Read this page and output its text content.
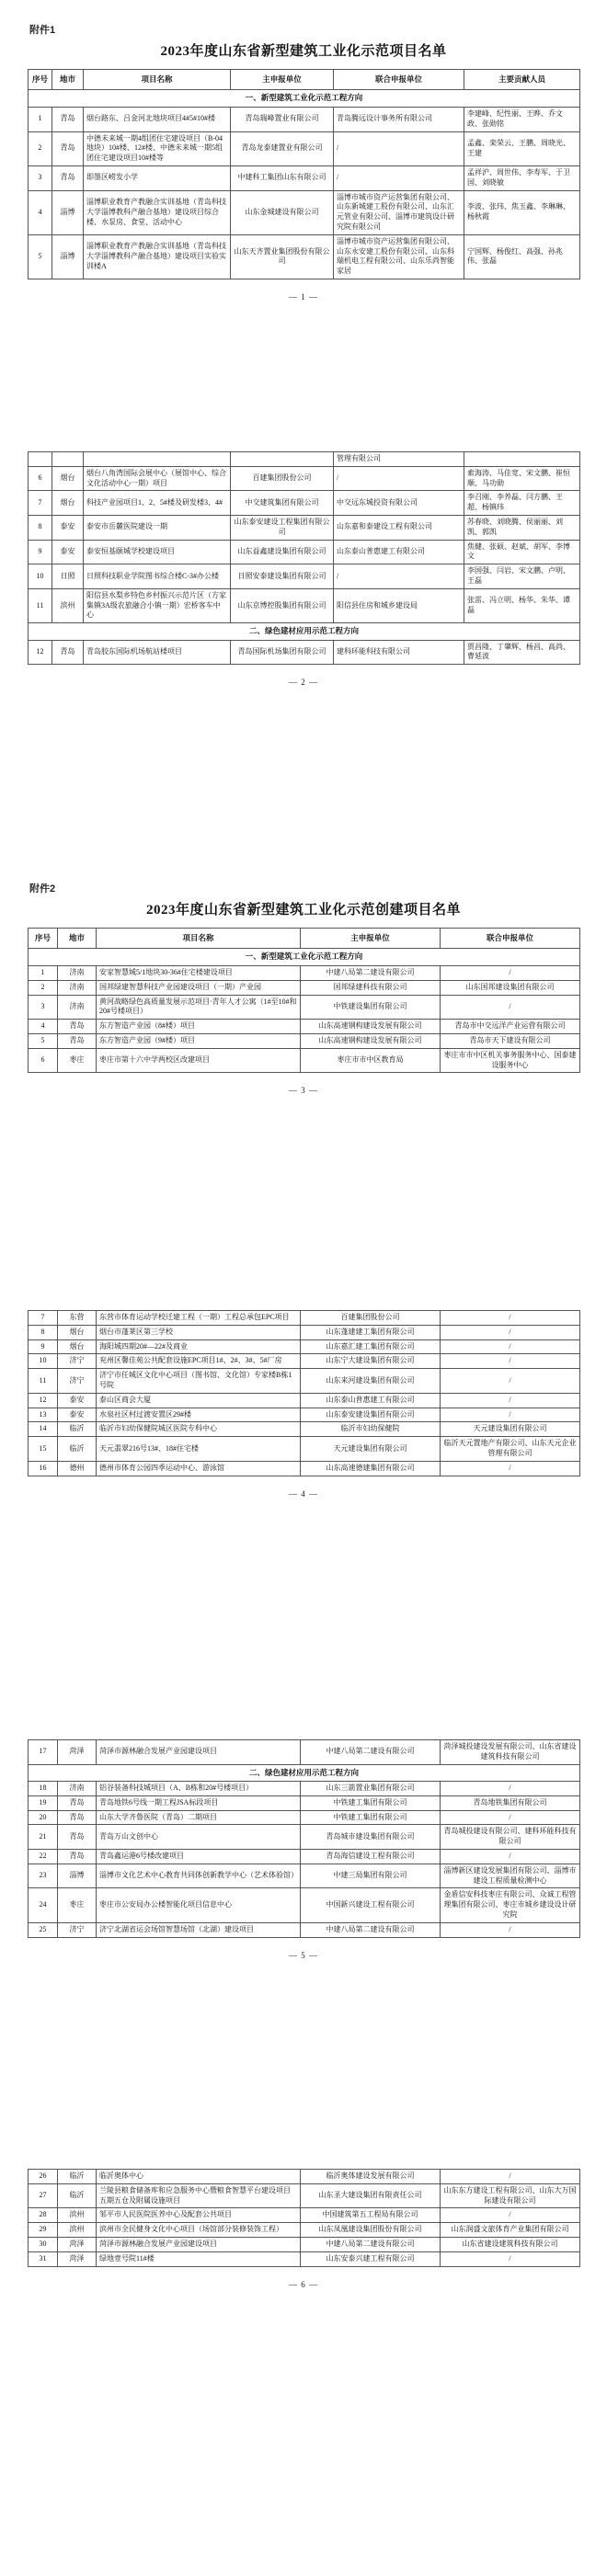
附件1
2023年度山东省新型建筑工业化示范项目名单
序号	地市	项目名称	主申报单位	联合申报单位	主要贡献人员
一、新型建筑工业化示范工程方向					
1	青岛	烟台路东、吕金河北地块项目4#5#10#楼	青岛瑞峰置业有限公司	青岛腾远设计事务所有限公司	李建峰、纪性丽、王晔、乔文政、张勋铭
2	青岛	中德未来城一期4组团住宅建设项目（B-04地块）10#楼、12#楼、中德未来城一期5组团住宅建设项目10#楼等	青岛龙泰建置业有限公司	/	孟鑫、栾荣云、王鹏、周晓光、王建
3	青岛	即墨区崂发小学	中建科工集团山东有限公司	/	孟祥沪、周世伟、李寿军、于卫国、刘晓敏
4	淄博	淄博职业教育产教融合实训基地（青岛科技大学淄博教科产融合基地）建设项目综合楼、水泵房、食堂、活动中心	山东金城建设有限公司	淄博市城市资产运营集团有限公司、山东新城建工股份有限公司、山东汇元管业有限公司、淄博市建筑设计研究院有限公司	李波、张玮、焦玉鑫、李琳琳、杨秋霞
5	淄博	淄博职业教育产教融合实训基地（青岛科技大学淄博教科产融合基地）建设项目实验实训楼A	山东天齐置业集团股份有限公司	淄博市城市资产运营集团有限公司、山东永安建工股份有限公司、山东科瑞机电工程有限公司、山东乐尚智能家居	宁国辉、杨俊红、高强、孙兆伟、张磊
— 1 —
				管理有限公司	
6	烟台	烟台八角湾国际会展中心（展馆中心、综合文化活动中心一期）项目	百建集团股份公司	/	索海涛、马佳宽、宋文鹏、崔恒顺、马功勋
7	烟台	科技产业园项目1、2、5#楼及研发楼3、4#	中交建筑集团有限公司	中交远东城投资有限公司	李召刚、李养磊、闫方鹏、王超、杨镇玮
8	泰安	泰安市岳麓医院建设一期	山东泰安建设工程集团有限公司	山东嘉和泰建设工程有限公司	苏春晓、刘晓腾、侯丽丽、刘凯、郭凯
9	泰安	泰安恒基颐城学校建设项目	山东益鑫建设集团有限公司	山东泰山普惠建工有限公司	焦健、张硕、赵斌、胡军、李博文
10	日照	日照科技职业学院图书综合楼C-3#办公楼	日照安泰建设集团有限公司	/	李国强、闫岩、宋文鹏、卢明、王磊
11	滨州	阳信县水梨乡特色乡村振兴示范片区（方家集镇3A级农旅融合小镇一期）宏桥客车中心	山东京博控股集团有限公司	阳信县住房和城乡建设局	张雷、冯立明、杨华、朱华、谭磊
二、绿色建材应用示范工程方向					
12	青岛	青岛胶东国际机场航站楼项目	青岛国际机场集团有限公司	建科环能科技有限公司	贾昌隆、丁肇辉、杨昌、高尚、曹延波
— 2 —
附件2
2023年度山东省新型建筑工业化示范创建项目名单
序号	地市	项目名称	主申报单位	联合申报单位
一、新型建筑工业化示范工程方向				
1	济南	安家智慧城5/1地块30-36#住宅楼建设项目	中建八局第二建设有限公司	/
2	济南	国邦绿建智慧科技产业园建设项目（一期）产业园	国邦绿建科技有限公司	山东国邦建设集团有限公司
3	济南	黄河战略绿色高质量发展示范项目·青年人才公寓（1#至10#和20#号楼项目）	中铁建设集团有限公司	/
4	青岛	东方智造产业园（8#楼）项目	山东高速钢构建设发展有限公司	青岛市中交远洋产业运营有限公司
5	青岛	东方智造产业园（9#楼）项目	山东高速钢构建设发展有限公司	青岛市天下建设有限公司
6	枣庄	枣庄市第十六中学两校区改建项目	枣庄市市中区教育局	枣庄市市中区机关事务服务中心、国泰建设服务中心
— 3 —
7	东营	东营市体育运动学校迁建工程（一期）工程总承包EPC项目	百建集团股份公司	/
8	烟台	烟台市蓬莱区第三学校	山东蓬建建工集团有限公司	/
9	烟台	海阳城四期20#—22#及商业	山东嘉汇建工集团有限公司	/
10	济宁	兖州区馨佳苑公共配套设施EPC项目1#、2#、3#、5#厂房	山东宁大建设集团有限公司	/
11	济宁	济宁市任城区文化中心项目（图书馆、文化馆）专家楼B栋1号院	山东来河建设集团有限公司	/
12	泰安	泰山区商会大厦	山东泰山普惠建工有限公司	/
13	泰安	水泉社区村过渡安置区29#楼	山东泰安建设集团有限公司	/
14	临沂	临沂市妇幼保健院城区医院专科中心	临沂市妇幼保健院	天元建设集团有限公司
15	临沂	天元翡翠216号13#、18#住宅楼	天元建设集团有限公司	临沂天元置地产有限公司、山东天元企业管理有限公司
16	德州	德州市体育公园四季运动中心、游泳馆	山东高速德建集团有限公司	/
— 4 —
17	菏泽	菏泽市源林融合发展产业园建设项目	中建八局第二建设有限公司	菏泽城投建设发展有限公司、山东省建设建筑科技有限公司
二、绿色建材应用示范工程方向				
18	济南	铝谷装备科技城项目（A、B栋和20#号楼项目）	山东三箭置业集团有限公司	/
19	青岛	青岛地铁6号线一期工程JSA标段项目	中铁建工集团有限公司	青岛地铁集团有限公司
20	青岛	山东大学齐鲁医院（青岛）二期项目	中铁建工集团有限公司	/
21	青岛	青岛万山文创中心	青岛城市建设集团有限公司	青岛城投建设有限公司、建科环能科技有限公司
22	青岛	青岛鑫运港6号楼改建项目	青岛海信建设工程有限公司	/
23	淄博	淄博市文化艺术中心教育共同体创新教学中心（艺术体验馆）	中建三局集团有限公司	淄博新区建设发展集团有限公司、淄博市建设工程质量检测中心
24	枣庄	枣庄市公安局办公楼智能化项目信息中心	中国新兴建设工程有限公司	金盾信安科技枣庄有限公司、众诚工程管理集团有限公司、枣庄市城乡建设设计研究院
25	济宁	济宁北湖省运会场馆智慧场馆（北湖）建设项目	中建八局第二建设有限公司	/
— 5 —
26	临沂	临沂奥体中心	临沂奥体建设发展有限公司	/
27	临沂	兰陵县粮食储备库和应急服务中心暨粮食智慧平台建设项目五期五仓及附属设施项目	山东圣大建设集团有限责任公司	山东东方建设工程有限公司、山东大万国际建设有限公司
28	滨州	邹平市人民医院医养中心及配套公共项目	中国建筑第五工程局有限公司	/
29	滨州	滨州市全民健身文化中心项目（场馆部分装修装饰工程）	山东凤凰建设集团股份有限公司	山东润盛文旅体育产业集团有限公司
30	菏泽	菏泽市源林融合发展产业园建设项目	中建八局第二建设有限公司	山东省建设建筑科技有限公司
31	菏泽	绿地壹号院11#楼	山东安泰兴建工程有限公司	/
— 6 —
